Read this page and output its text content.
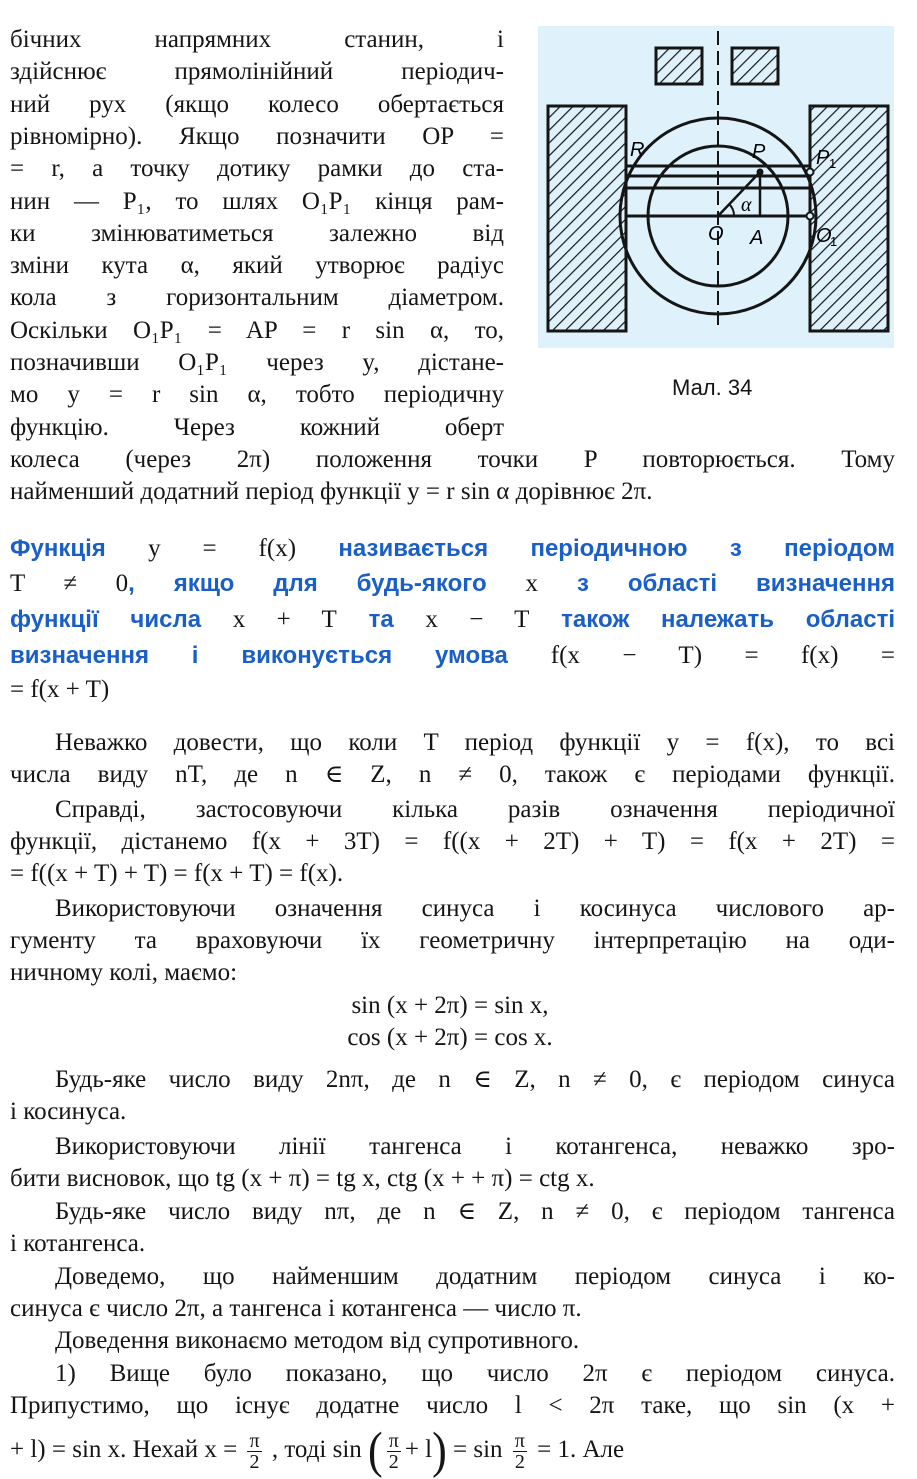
R	P	P 1
α
O A	O
1
Мал. 34
бічних напрямних станин, і
здійснює прямолінійний періодич-
ний рух (якщо колесо обертається
рівномірно). Якщо позначити OP =
= r, а точку дотику рамки до ста-
нин — P₁, то шлях O₁P₁ кінця рам-
ки змінюватиметься залежно від
зміни кута α, який утворює радіус
кола з горизонтальним діаметром.
Оскільки O₁P₁ = AP = r sin α, то,
позначивши O₁P₁ через y, дістане-
мо y = r sin α, тобто періодичну
функцію. Через кожний оберт
колеса (через 2π) положення точки P повторюється. Тому
найменший додатний період функції y = r sin α дорівнює 2π.
Функція y = f(x) називається періодичною з періодом
T ≠ 0, якщо для будь-якого x з області визначення
функції числа x + T та x − T також належать області
визначення і виконується умова f(x − T) = f(x) =
= f(x + T)
Неважко довести, що коли T період функції y = f(x), то всі
числа виду nT, де n ∈ Z, n ≠ 0, також є періодами функції.
Справді, застосовуючи кілька разів означення періодичної
функції, дістанемо f(x + 3T) = f((x + 2T) + T) = f(x + 2T) =
= f((x + T) + T) = f(x + T) = f(x).
Використовуючи означення синуса і косинуса числового ар-
гументу та враховуючи їх геометричну інтерпретацію на оди-
ничному колі, маємо:
sin (x + 2π) = sin x,
cos (x + 2π) = cos x.
Будь-яке число виду 2nπ, де n ∈ Z, n ≠ 0, є періодом синуса
і косинуса.
Використовуючи лінії тангенса і котангенса, неважко зро-
бити висновок, що tg (x + π) = tg x, ctg (x + + π) = ctg x.
Будь-яке число виду nπ, де n ∈ Z, n ≠ 0, є періодом тангенса
і котангенса.
Доведемо, що найменшим додатним періодом синуса і ко-
синуса є число 2π, а тангенса і котангенса — число π.
Доведення виконаємо методом від супротивного.
1) Вище було показано, що число 2π є періодом синуса.
Припустимо, що існує додатне число l < 2π таке, що sin (x +
+ l) = sin x. Нехай $x = \frac{\pi}{2}$ , тоді sin ( $\frac{\pi}{2} + l) = \sin \frac{\pi}{2} = 1$. Але
